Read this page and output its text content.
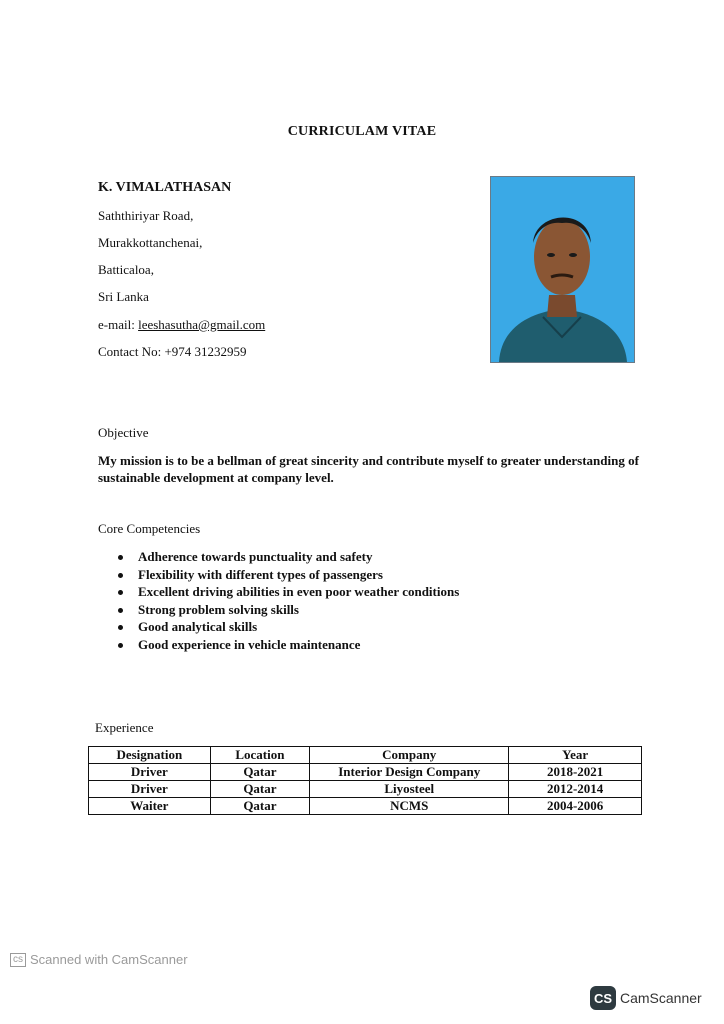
CURRICULAM VITAE
K. VIMALATHASAN
Saththiriyar Road,
Murakkottanchenai,
Batticaloa,
Sri Lanka
e-mail: leeshasutha@gmail.com
Contact No: +974 31232959
Objective
My mission is to be a bellman of great sincerity and contribute myself to greater understanding of sustainable development at company level.
Core Competencies
Adherence towards punctuality and safety
Flexibility with different types of passengers
Excellent driving abilities in even poor weather conditions
Strong problem solving skills
Good analytical skills
Good experience in vehicle maintenance
Experience
Designation	Location	Company	Year
Driver	Qatar	Interior Design Company	2018-2021
Driver	Qatar	Liyosteel	2012-2014
Waiter	Qatar	NCMS	2004-2006
cs Scanned with CamScanner
CS CamScanner
